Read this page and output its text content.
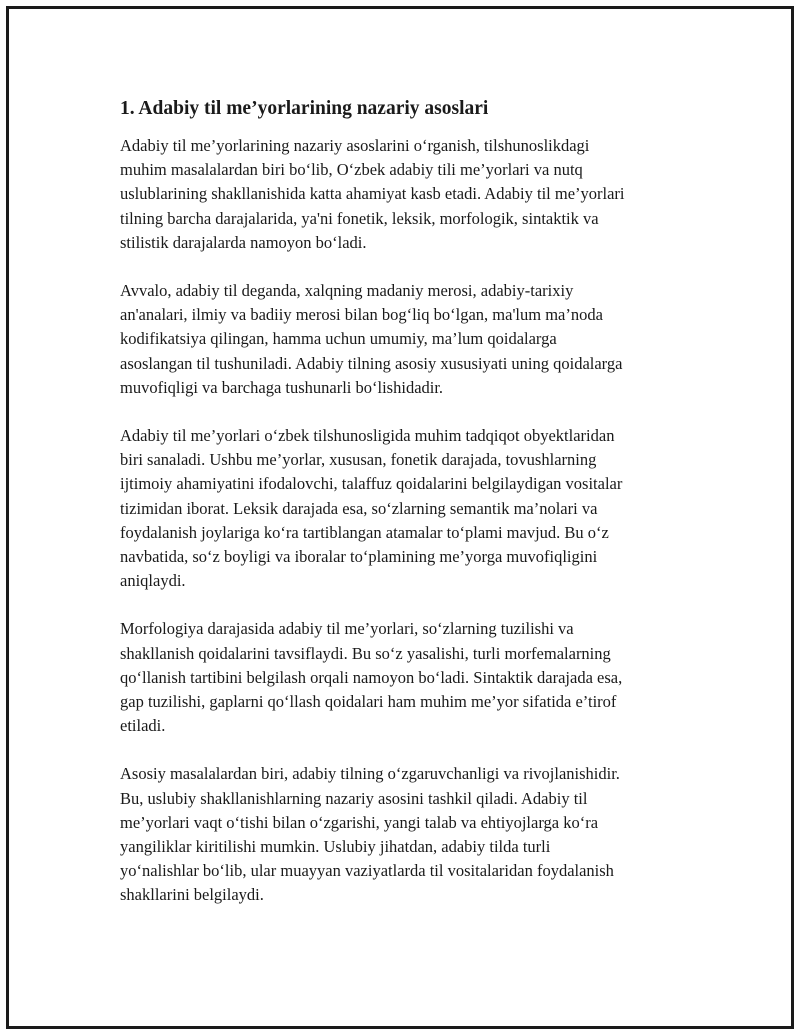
1. Adabiy til me’yorlarining nazariy asoslari

Adabiy til me’yorlarining nazariy asoslarini o‘rganish, tilshunoslikdagi
muhim masalalardan biri bo‘lib, O‘zbek adabiy tili me’yorlari va nutq
uslublarining shakllanishida katta ahamiyat kasb etadi. Adabiy til me’yorlari
tilning barcha darajalarida, ya'ni fonetik, leksik, morfologik, sintaktik va
stilistik darajalarda namoyon bo‘ladi.

Avvalo, adabiy til deganda, xalqning madaniy merosi, adabiy-tarixiy
an'analari, ilmiy va badiiy merosi bilan bog‘liq bo‘lgan, ma'lum ma’noda
kodifikatsiya qilingan, hamma uchun umumiy, ma’lum qoidalarga
asoslangan til tushuniladi. Adabiy tilning asosiy xususiyati uning qoidalarga
muvofiqligi va barchaga tushunarli bo‘lishidadir.

Adabiy til me’yorlari o‘zbek tilshunosligida muhim tadqiqot obyektlaridan
biri sanaladi. Ushbu me’yorlar, xususan, fonetik darajada, tovushlarning
ijtimoiy ahamiyatini ifodalovchi, talaffuz qoidalarini belgilaydigan vositalar
tizimidan iborat. Leksik darajada esa, so‘zlarning semantik ma’nolari va
foydalanish joylariga ko‘ra tartiblangan atamalar to‘plami mavjud. Bu o‘z
navbatida, so‘z boyligi va iboralar to‘plamining me’yorga muvofiqligini
aniqlaydi.

Morfologiya darajasida adabiy til me’yorlari, so‘zlarning tuzilishi va
shakllanish qoidalarini tavsiflaydi. Bu so‘z yasalishi, turli morfemalarning
qo‘llanish tartibini belgilash orqali namoyon bo‘ladi. Sintaktik darajada esa,
gap tuzilishi, gaplarni qo‘llash qoidalari ham muhim me’yor sifatida e’tirof
etiladi.

Asosiy masalalardan biri, adabiy tilning o‘zgaruvchanligi va rivojlanishidir.
Bu, uslubiy shakllanishlarning nazariy asosini tashkil qiladi. Adabiy til
me’yorlari vaqt o‘tishi bilan o‘zgarishi, yangi talab va ehtiyojlarga ko‘ra
yangiliklar kiritilishi mumkin. Uslubiy jihatdan, adabiy tilda turli
yo‘nalishlar bo‘lib, ular muayyan vaziyatlarda til vositalaridan foydalanish
shakllarini belgilaydi.
